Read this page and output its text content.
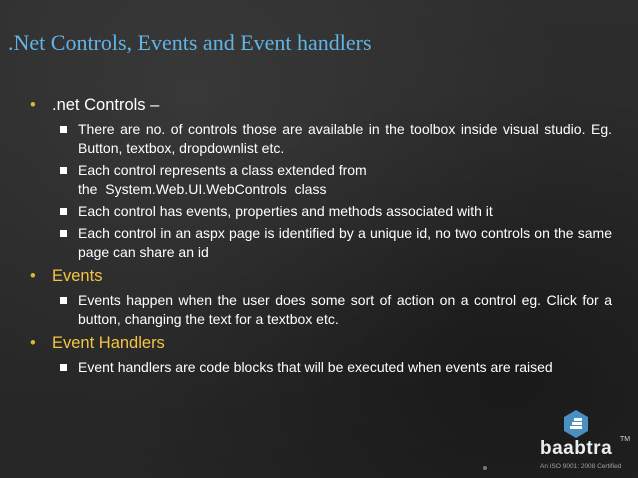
.Net Controls, Events and Event handlers
• .net Controls –
There are no. of controls those are available in the toolbox inside visual studio. Eg. Button, textbox, dropdownlist etc.
Each control represents a class extended from
the  System.Web.UI.WebControls  class
Each control has events, properties and methods associated with it
Each control in an aspx page is identified by a unique id, no two controls on the same page can share an id
• Events
Events happen when the user does some sort of action on a control eg. Click for a button, changing the text for a textbox etc.
• Event Handlers
Event handlers are code blocks that will be executed when events are raised
baabtra TM
An ISO 9001: 2008 Certified
